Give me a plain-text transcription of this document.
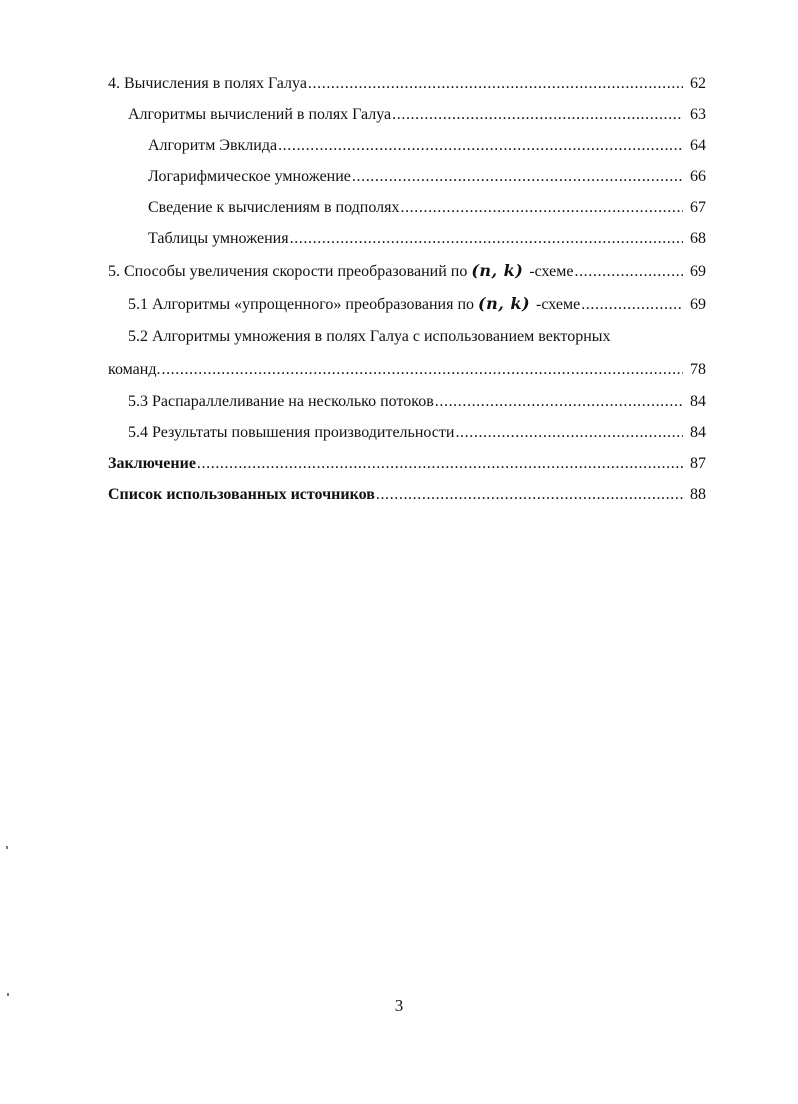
4. Вычисления в полях Галуа .....	62
Алгоритмы вычислений в полях Галуа .....	63
Алгоритм Эвклида .....	64
Логарифмическое умножение .....	66
Сведение к вычислениям в подполях .....	67
Таблицы умножения .....	68
5. Способы увеличения скорости преобразований по (n, k) -схеме .....	69
5.1 Алгоритмы «упрощенного» преобразования по (n, k) -схеме .....	69
5.2 Алгоритмы умножения в полях Галуа с использованием векторных
команд. .....	78
5.3 Распараллеливание на несколько потоков .....	84
5.4 Результаты повышения производительности .....	84
Заключение .....	87
Список использованных источников .....	88
3
